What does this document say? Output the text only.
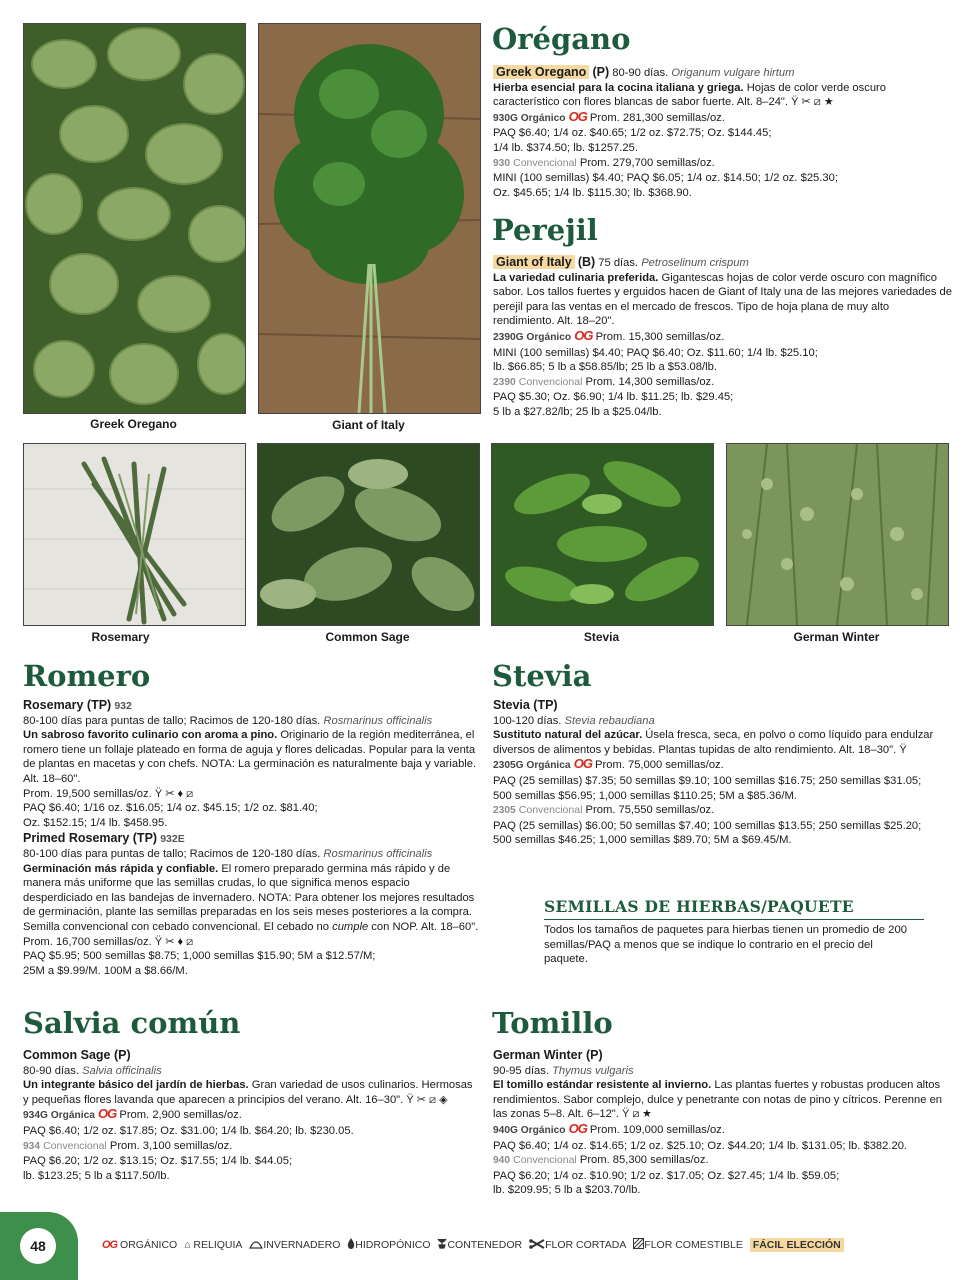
Greek Oregano	Giant of Italy
Orégano

Greek Oregano (P) 80-90 días. Origanum vulgare hirtum

Hierba esencial para la cocina italiana y griega. Hojas de color verde oscuro característico con flores blancas de sabor fuerte. Alt. 8–24". Ÿ ✂ ⧄ ★

930G Orgánico OG Prom. 281,300 semillas/oz.

PAQ $6.40; 1/4 oz. $40.65; 1/2 oz. $72.75; Oz. $144.45;

1/4 lb. $374.50; lb. $1257.25.

930 Convencional Prom. 279,700 semillas/oz.

MINI (100 semillas) $4.40; PAQ $6.05; 1/4 oz. $14.50; 1/2 oz. $25.30;

Oz. $45.65; 1/4 lb. $115.30; lb. $368.90.

Perejil

Giant of Italy (B) 75 días. Petroselinum crispum

La variedad culinaria preferida. Gigantescas hojas de color verde oscuro con magnífico sabor. Los tallos fuertes y erguidos hacen de Giant of Italy una de las mejores variedades de perejil para las ventas en el mercado de frescos. Tipo de hoja plana de muy alto rendimiento. Alt. 18–20".

2390G Orgánico OG Prom. 15,300 semillas/oz.

MINI (100 semillas) $4.40; PAQ $6.40; Oz. $11.60; 1/4 lb. $25.10;

lb. $66.85; 5 lb a $58.85/lb; 25 lb a $53.08/lb.

2390 Convencional Prom. 14,300 semillas/oz.

PAQ $5.30; Oz. $6.90; 1/4 lb. $11.25; lb. $29.45;

5 lb a $27.82/lb; 25 lb a $25.04/lb.

Rosemary	Common Sage	Stevia	German Winter
Romero

Rosemary (TP) 932

80-100 días para puntas de tallo; Racimos de 120-180 días. Rosmarinus officinalis

Un sabroso favorito culinario con aroma a pino. Originario de la región mediterránea, el romero tiene un follaje plateado en forma de aguja y flores delicadas. Popular para la venta de plantas en macetas y con chefs. NOTA: La germinación es naturalmente baja y variable. Alt. 18–60".

Prom. 19,500 semillas/oz. Ÿ ✂ ♦ ⧄

PAQ $6.40; 1/16 oz. $16.05; 1/4 oz. $45.15; 1/2 oz. $81.40;

Oz. $152.15; 1/4 lb. $458.95.

Primed Rosemary (TP) 932E

80-100 días para puntas de tallo; Racimos de 120-180 días. Rosmarinus officinalis

Germinación más rápida y confiable. El romero preparado germina más rápido y de manera más uniforme que las semillas crudas, lo que significa menos espacio desperdiciado en las bandejas de invernadero. NOTA: Para obtener los mejores resultados de germinación, plante las semillas preparadas en los seis meses posteriores a la compra. Semilla convencional con cebado convencional. El cebado no cumple con NOP. Alt. 18–60". Prom. 16,700 semillas/oz. Ÿ ✂ ♦ ⧄

PAQ $5.95; 500 semillas $8.75; 1,000 semillas $15.90; 5M a $12.57/M;

25M a $9.99/M. 100M a $8.66/M.

Stevia

Stevia (TP)

100-120 días. Stevia rebaudiana

Sustituto natural del azúcar. Úsela fresca, seca, en polvo o como líquido para endulzar diversos de alimentos y bebidas. Plantas tupidas de alto rendimiento. Alt. 18–30". Ÿ

2305G Orgánica OG Prom. 75,000 semillas/oz.

PAQ (25 semillas) $7.35; 50 semillas $9.10; 100 semillas $16.75; 250 semillas $31.05;

500 semillas $56.95; 1,000 semillas $110.25; 5M a $85.36/M.

2305 Convencional Prom. 75,550 semillas/oz.

PAQ (25 semillas) $6.00; 50 semillas $7.40; 100 semillas $13.55; 250 semillas $25.20;

500 semillas $46.25; 1,000 semillas $89.70; 5M a $69.45/M.

SEMILLAS DE HIERBAS/PAQUETE
Todos los tamaños de paquetes para hierbas tienen un promedio de 200 semillas/PAQ a menos que se indique lo contrario en el precio del paquete.
Salvia común

Common Sage (P)

80-90 días. Salvia officinalis

Un integrante básico del jardín de hierbas. Gran variedad de usos culinarios. Hermosas y pequeñas flores lavanda que aparecen a principios del verano. Alt. 16–30". Ÿ ✂ ⧄ ◈

934G Orgánica OG Prom. 2,900 semillas/oz.

PAQ $6.40; 1/2 oz. $17.85; Oz. $31.00; 1/4 lb. $64.20; lb. $230.05.

934 Convencional Prom. 3,100 semillas/oz.

PAQ $6.20; 1/2 oz. $13.15; Oz. $17.55; 1/4 lb. $44.05;

lb. $123.25; 5 lb a $117.50/lb.

Tomillo

German Winter (P)

90-95 días. Thymus vulgaris

El tomillo estándar resistente al invierno. Las plantas fuertes y robustas producen altos rendimientos. Sabor complejo, dulce y penetrante con notas de pino y cítricos. Perenne en las zonas 5–8. Alt. 6–12". Ÿ ⧄ ★

940G Orgánico OG Prom. 109,000 semillas/oz.

PAQ $6.40; 1/4 oz. $14.65; 1/2 oz. $25.10; Oz. $44.20; 1/4 lb. $131.05; lb. $382.20.

940 Convencional Prom. 85,300 semillas/oz.

PAQ $6.20; 1/4 oz. $10.90; 1/2 oz. $17.05; Oz. $27.45; 1/4 lb. $59.05;

lb. $209.95; 5 lb a $203.70/lb.

48	OG ORGÁNICO ⌂ RELIQUIA INVERNADERO HIDROPÓNICO CONTENEDOR FLOR CORTADA FLOR COMESTIBLE FÁCIL ELECCIÓN
